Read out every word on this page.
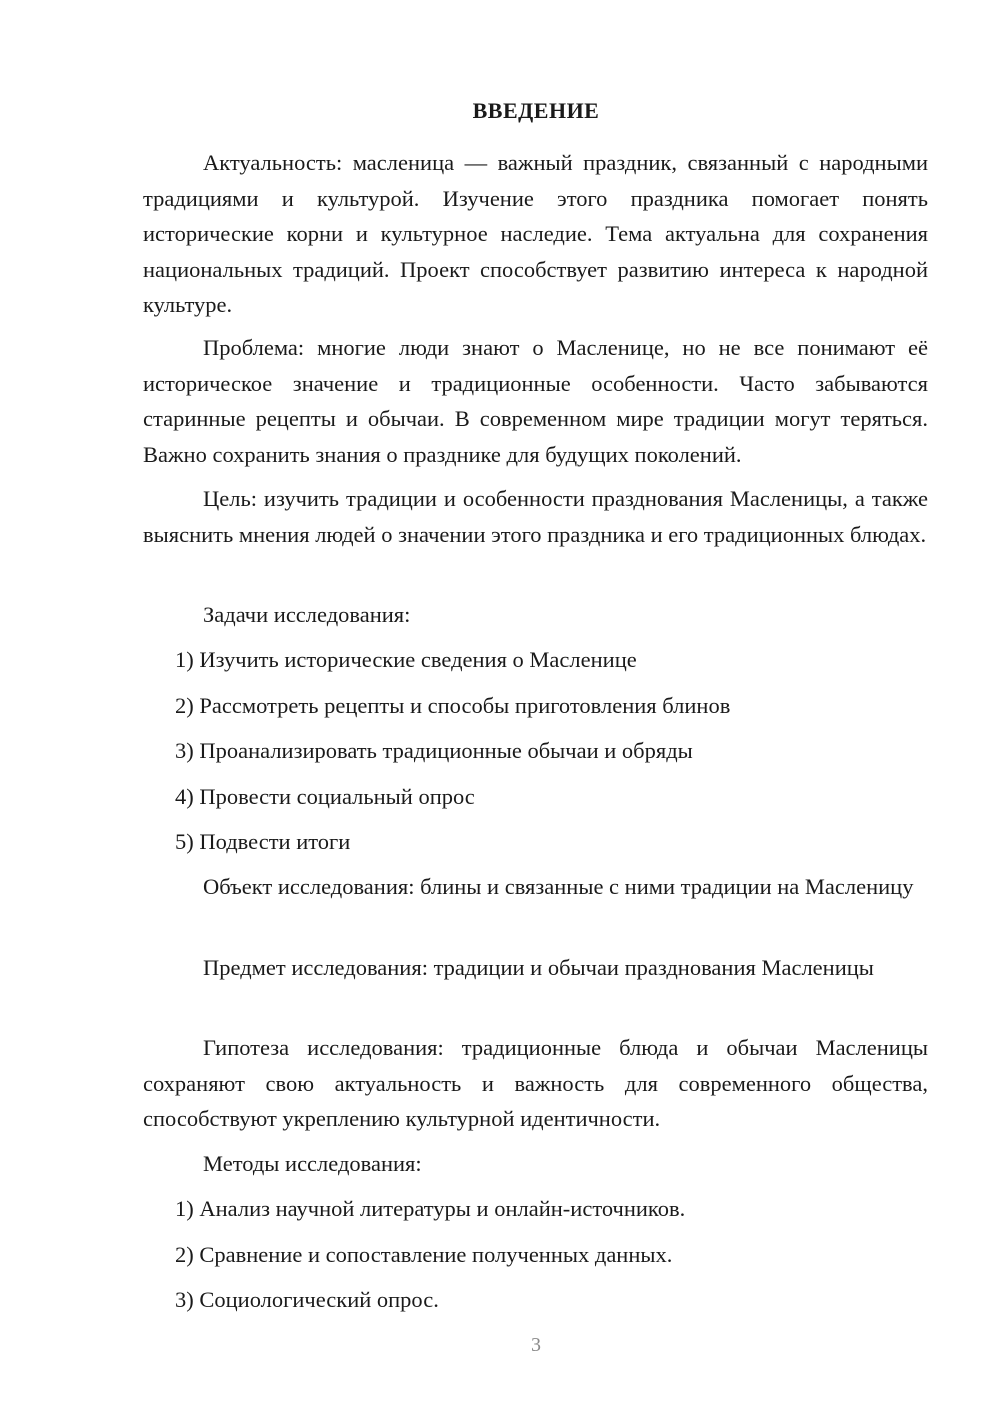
ВВЕДЕНИЕ

Актуальность: масленица — важный праздник, связанный с народными традициями и культурой. Изучение этого праздника помогает понять исторические корни и культурное наследие. Тема актуальна для сохранения национальных традиций. Проект способствует развитию интереса к народной культуре.

Проблема: многие люди знают о Масленице, но не все понимают её историческое значение и традиционные особенности. Часто забываются старинные рецепты и обычаи. В современном мире традиции могут теряться. Важно сохранить знания о празднике для будущих поколений.

Цель: изучить традиции и особенности празднования Масленицы, а также выяснить мнения людей о значении этого праздника и его традиционных блюдах.

Задачи исследования:

1) Изучить исторические сведения о Масленице

2) Рассмотреть рецепты и способы приготовления блинов

3) Проанализировать традиционные обычаи и обряды

4) Провести социальный опрос

5) Подвести итоги

Объект исследования: блины и связанные с ними традиции на Масленицу

Предмет исследования: традиции и обычаи празднования Масленицы

Гипотеза исследования: традиционные блюда и обычаи Масленицы сохраняют свою актуальность и важность для современного общества, способствуют укреплению культурной идентичности.

Методы исследования:

1) Анализ научной литературы и онлайн-источников.

2) Сравнение и сопоставление полученных данных.

3) Социологический опрос.

3
